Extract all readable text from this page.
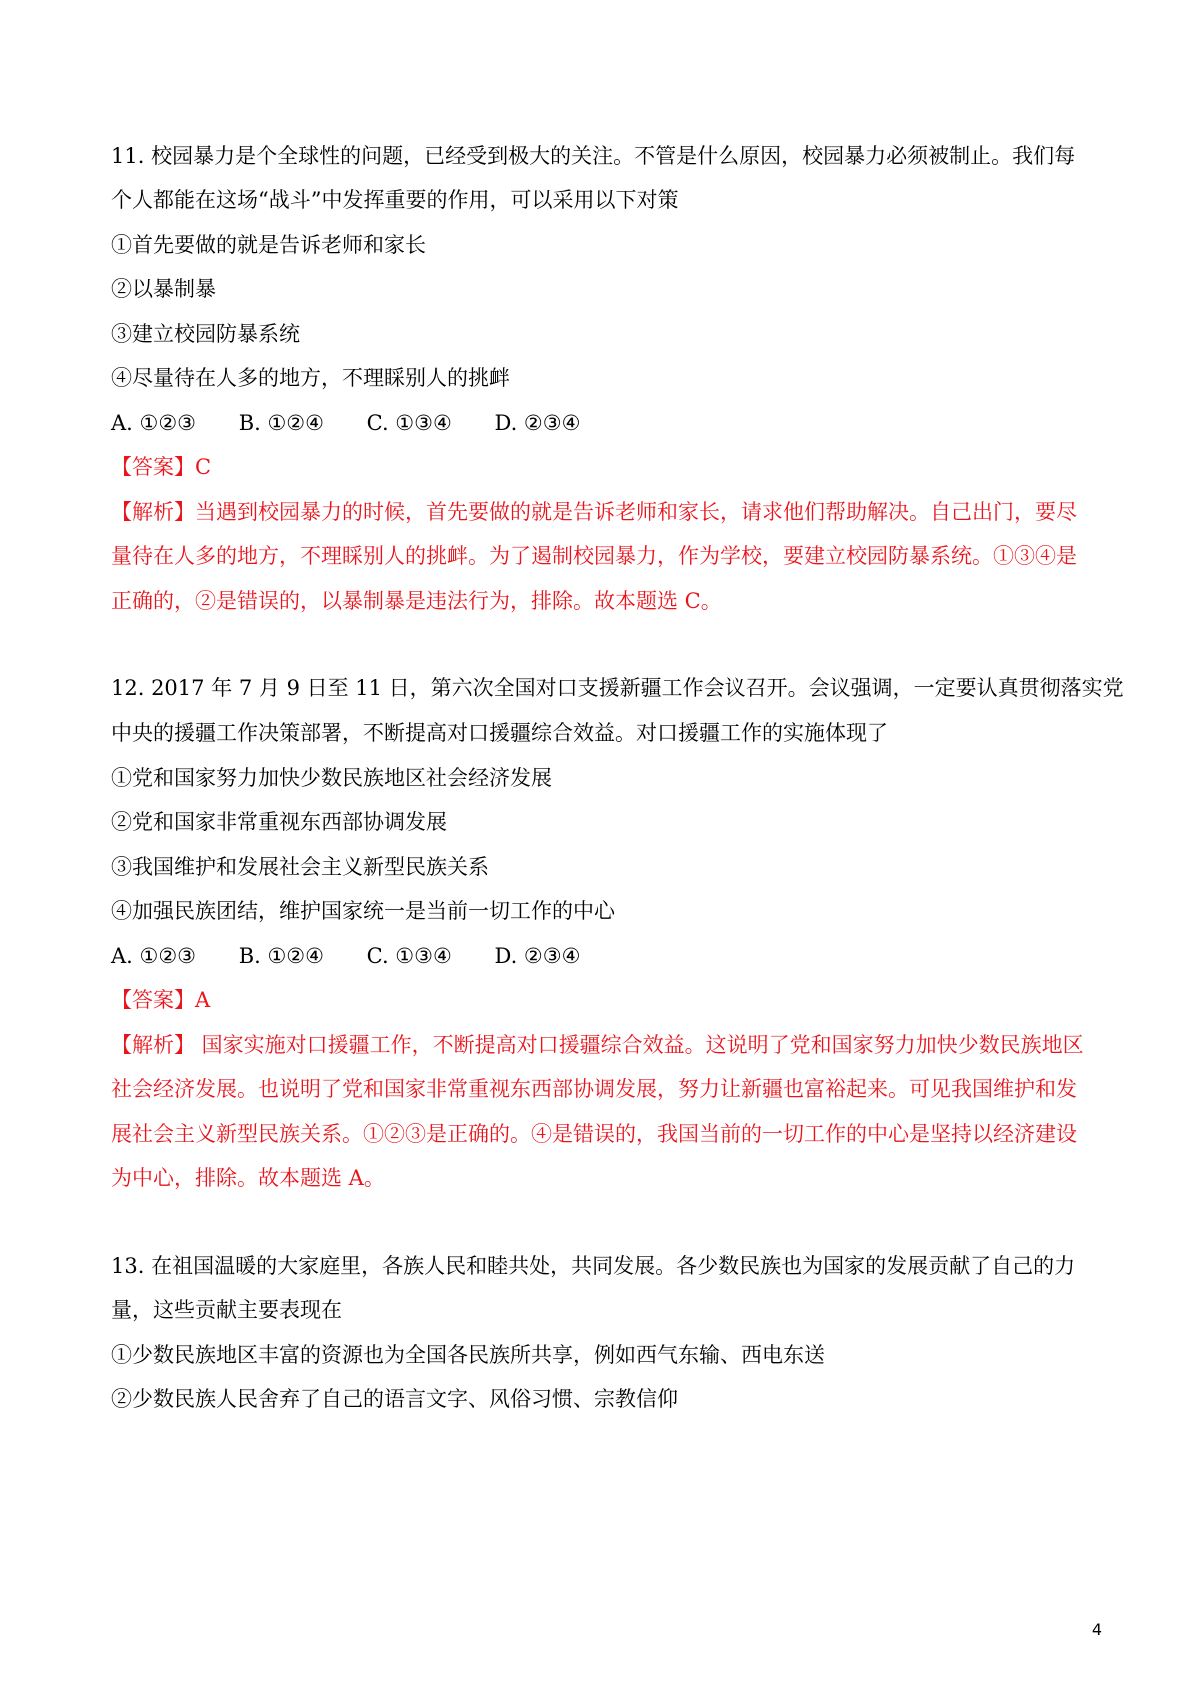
11. 校园暴力是个全球性的问题，已经受到极大的关注。不管是什么原因，校园暴力必须被制止。我们每
个人都能在这场“战斗”中发挥重要的作用，可以采用以下对策
①首先要做的就是告诉老师和家长
②以暴制暴
③建立校园防暴系统
④尽量待在人多的地方，不理睬别人的挑衅
A. ①②③ B. ①②④ C. ①③④ D. ②③④
【答案】C
【解析】当遇到校园暴力的时候，首先要做的就是告诉老师和家长，请求他们帮助解决。自己出门，要尽
量待在人多的地方，不理睬别人的挑衅。为了遏制校园暴力，作为学校，要建立校园防暴系统。①③④是
正确的，②是错误的，以暴制暴是违法行为，排除。故本题选 C。
12. 2017 年 7 月 9 日至 11 日，第六次全国对口支援新疆工作会议召开。会议强调，一定要认真贯彻落实党
中央的援疆工作决策部署，不断提高对口援疆综合效益。对口援疆工作的实施体现了
①党和国家努力加快少数民族地区社会经济发展
②党和国家非常重视东西部协调发展
③我国维护和发展社会主义新型民族关系
④加强民族团结，维护国家统一是当前一切工作的中心
A. ①②③ B. ①②④ C. ①③④ D. ②③④
【答案】A
【解析】 国家实施对口援疆工作，不断提高对口援疆综合效益。这说明了党和国家努力加快少数民族地区
社会经济发展。也说明了党和国家非常重视东西部协调发展，努力让新疆也富裕起来。可见我国维护和发
展社会主义新型民族关系。①②③是正确的。④是错误的，我国当前的一切工作的中心是坚持以经济建设
为中心，排除。故本题选 A。
13. 在祖国温暖的大家庭里，各族人民和睦共处，共同发展。各少数民族也为国家的发展贡献了自己的力
量，这些贡献主要表现在
①少数民族地区丰富的资源也为全国各民族所共享，例如西气东输、西电东送
②少数民族人民舍弃了自己的语言文字、风俗习惯、宗教信仰
4
